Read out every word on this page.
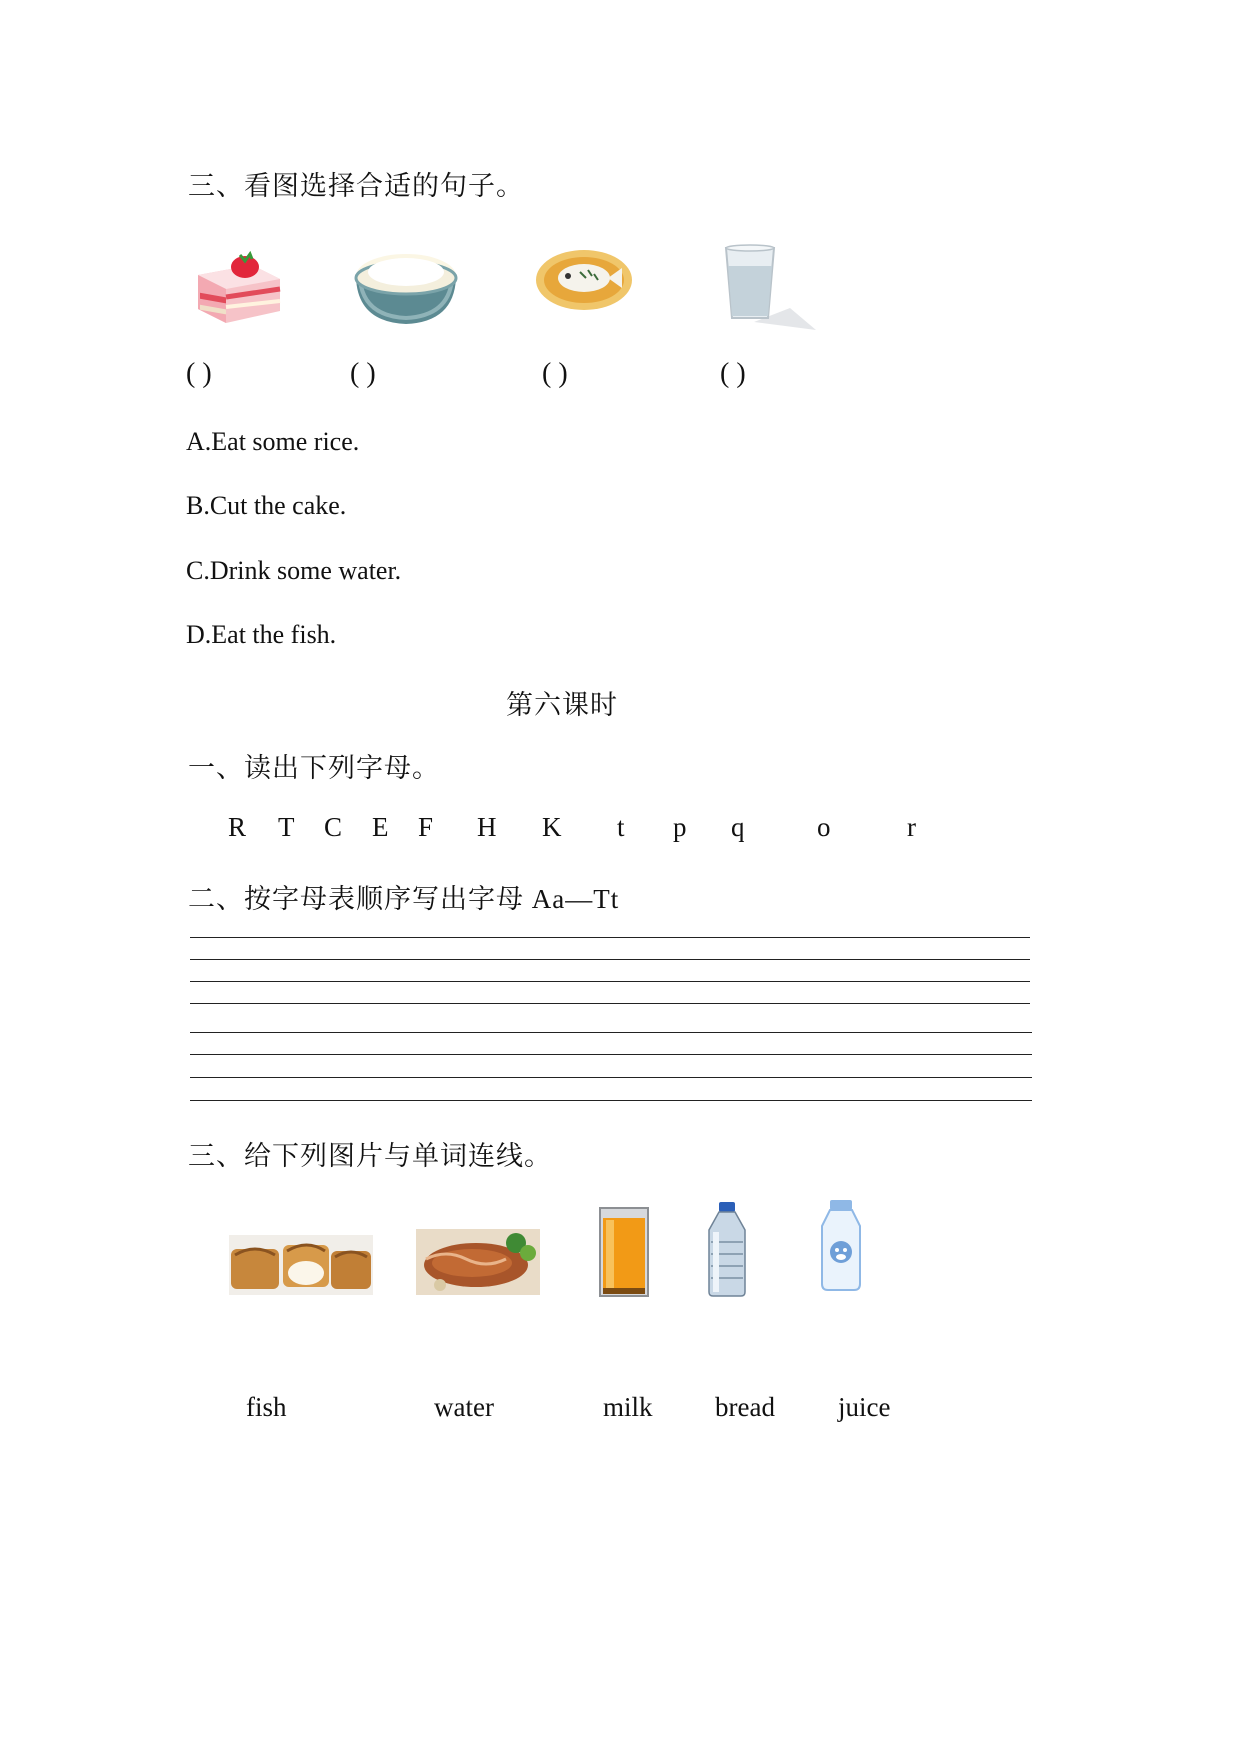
三、看图选择合适的句子。
( )	( )	( )	( )
A.Eat some rice.
B.Cut the cake.
C.Drink some water.
D.Eat the fish.
第六课时
一、读出下列字母。
R T C E F H K t p q	o	r
二、按字母表顺序写出字母 Aa—Tt
三、给下列图片与单词连线。
fish	water	milk bread juice
